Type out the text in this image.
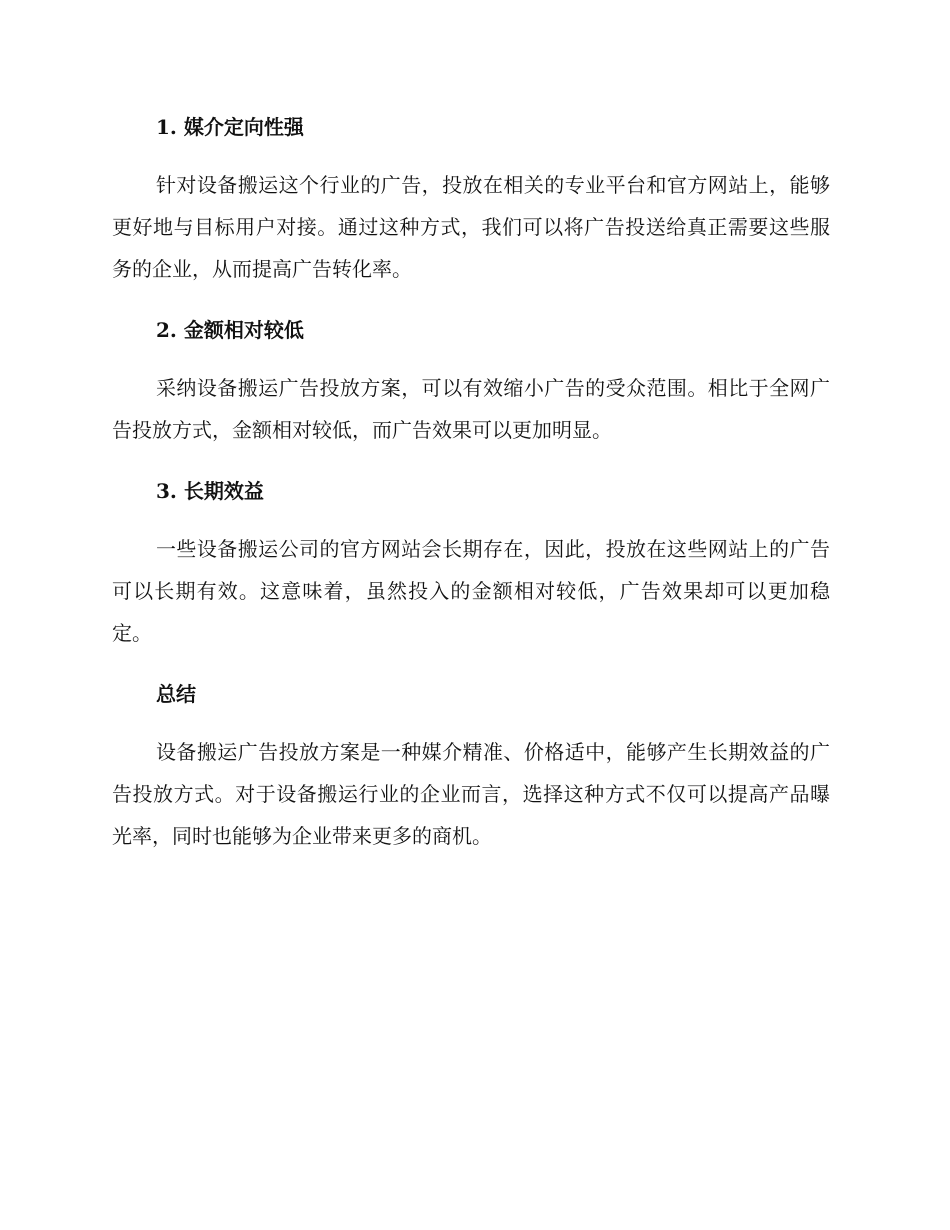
1. 媒介定向性强

针对设备搬运这个行业的广告，投放在相关的专业平台和官方网站上，能够更好地与目标用户对接。通过这种方式，我们可以将广告投送给真正需要这些服务的企业，从而提高广告转化率。

2. 金额相对较低

采纳设备搬运广告投放方案，可以有效缩小广告的受众范围。相比于全网广告投放方式，金额相对较低，而广告效果可以更加明显。

3. 长期效益

一些设备搬运公司的官方网站会长期存在，因此，投放在这些网站上的广告可以长期有效。这意味着，虽然投入的金额相对较低，广告效果却可以更加稳定。

总结

设备搬运广告投放方案是一种媒介精准、价格适中，能够产生长期效益的广告投放方式。对于设备搬运行业的企业而言，选择这种方式不仅可以提高产品曝光率，同时也能够为企业带来更多的商机。
